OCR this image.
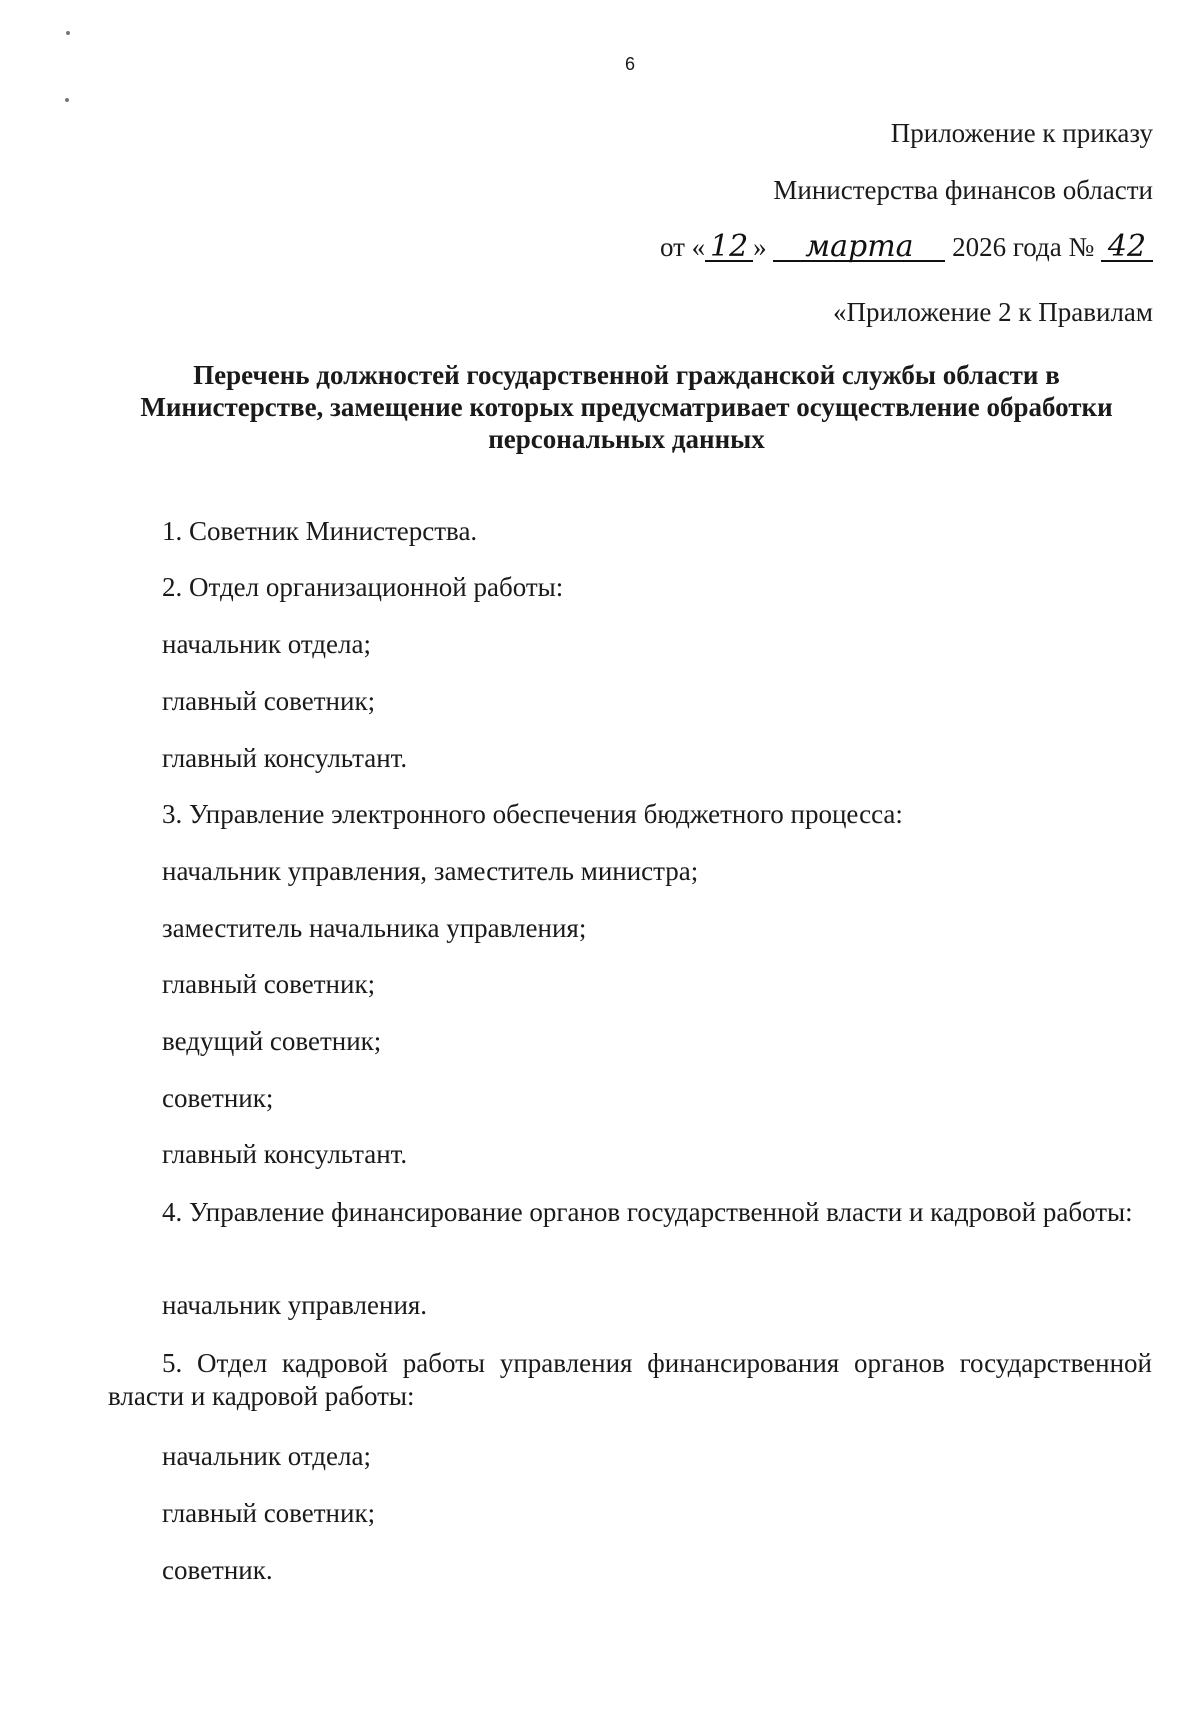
6
Приложение к приказу
Министерства финансов области
от « 12 » марта 2026 года № 42
«Приложение 2 к Правилам
Перечень должностей государственной гражданской службы области в Министерстве, замещение которых предусматривает осуществление обработки персональных данных
1. Советник Министерства.
2. Отдел организационной работы:
начальник отдела;
главный советник;
главный консультант.
3. Управление электронного обеспечения бюджетного процесса:
начальник управления, заместитель министра;
заместитель начальника управления;
главный советник;
ведущий советник;
советник;
главный консультант.
4. Управление финансирование органов государственной власти и кадровой работы:
начальник управления.
5. Отдел кадровой работы управления финансирования органов государственной власти и кадровой работы:
начальник отдела;
главный советник;
советник.
